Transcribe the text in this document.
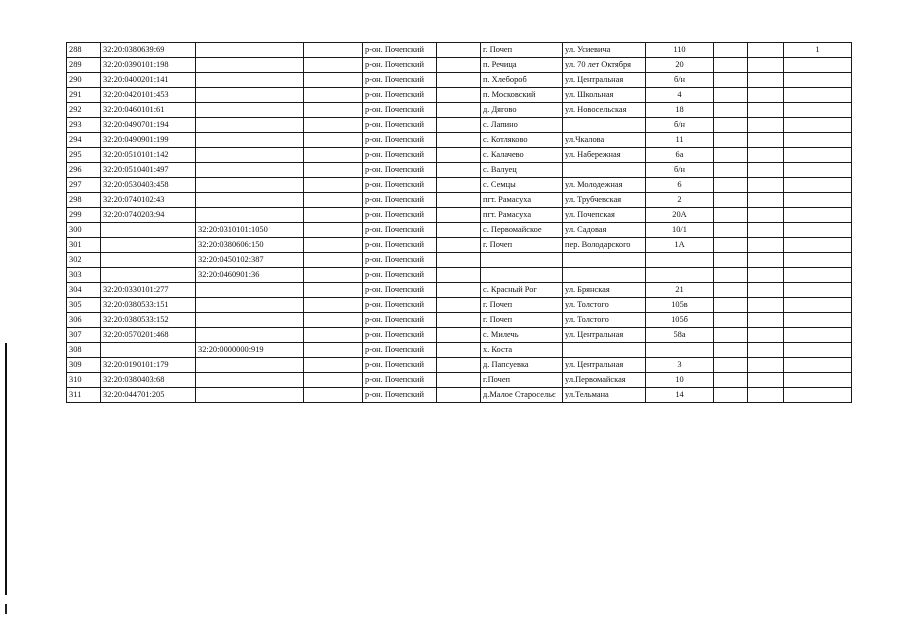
288	32:20:0380639:69			р-он. Почепский		г. Почеп	ул. Усиевича	110			1
289	32:20:0390101:198			р-он. Почепский		п. Речица	ул. 70 лет Октября	20			
290	32:20:0400201:141			р-он. Почепский		п. Хлебороб	ул. Центральная	б/н			
291	32:20:0420101:453			р-он. Почепский		п. Московский	ул. Школьная	4			
292	32:20:0460101:61			р-он. Почепский		д. Дягово	ул. Новосельская	18			
293	32:20:0490701:194			р-он. Почепский		с. Лапино		б/н			
294	32:20:0490901:199			р-он. Почепский		с. Котляково	ул.Чкалова	11			
295	32:20:0510101:142			р-он. Почепский		с. Калачево	ул. Набережная	6а			
296	32:20:0510401:497			р-он. Почепский		с. Валуец		б/н			
297	32:20:0530403:458			р-он. Почепский		с. Семцы	ул. Молодежная	6			
298	32:20:0740102:43			р-он. Почепский		пгт. Рамасуха	ул. Трубчевская	2			
299	32:20:0740203:94			р-он. Почепский		пгт. Рамасуха	ул. Почепская	20А			
300		32:20:0310101:1050		р-он. Почепский		с. Первомайское	ул. Садовая	10/1			
301		32:20:0380606:150		р-он. Почепский		г. Почеп	пер. Володарского	1А			
302		32:20:0450102:387		р-он. Почепский							
303		32:20:0460901:36		р-он. Почепский							
304	32:20:0330101:277			р-он. Почепский		с. Красный Рог	ул. Брянская	21			
305	32:20:0380533:151			р-он. Почепский		г. Почеп	ул. Толстого	105в			
306	32:20:0380533:152			р-он. Почепский		г. Почеп	ул. Толстого	105б			
307	32:20:0570201:468			р-он. Почепский		с. Милечь	ул. Центральная	58а			
308		32:20:0000000:919		р-он. Почепский		х. Коста					
309	32:20:0190101:179			р-он. Почепский		д. Папсуевка	ул. Центральная	3			
310	32:20:0380403:68			р-он. Почепский		г.Почеп	ул.Первомайская	10			
311	32:20:044701:205			р-он. Почепский		д.Малое Старосельє	ул.Тельмана	14			
